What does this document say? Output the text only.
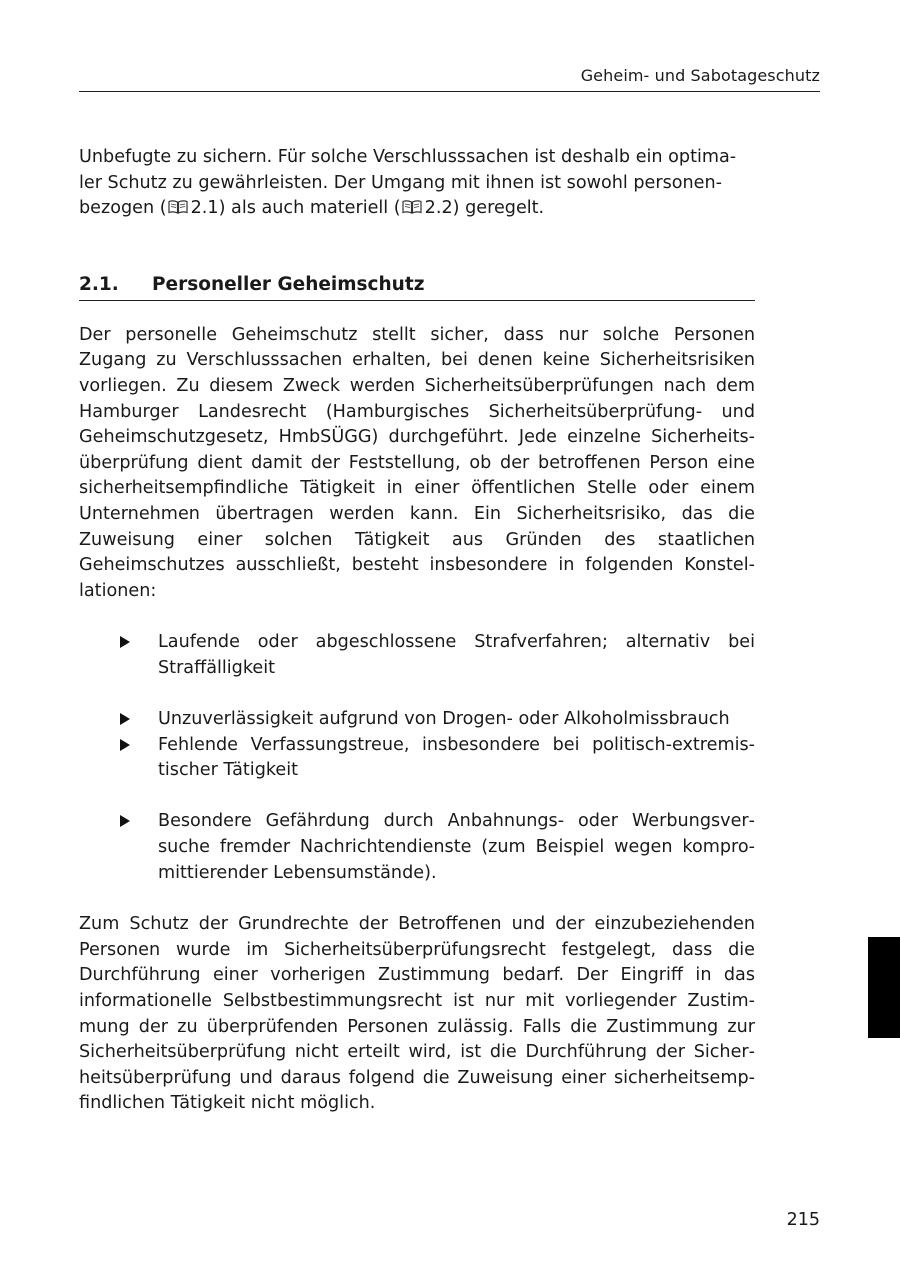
Geheim- und Sabotageschutz

Unbefugte zu sichern. Für solche Verschlusssachen ist deshalb ein optima-
ler Schutz zu gewährleisten. Der Umgang mit ihnen ist sowohl personen-
bezogen ( 2.1) als auch materiell ( 2.2) geregelt.

2.1.	Personeller Geheimschutz

Der personelle Geheimschutz stellt sicher, dass nur solche Personen Zugang zu Verschlusssachen erhalten, bei denen keine Sicherheitsrisiken vorliegen. Zu diesem Zweck werden Sicherheitsüberprüfungen nach dem Hamburger Landesrecht (Hamburgisches Sicherheitsüberprüfung- und Geheimschutzgesetz, HmbSÜGG) durchgeführt. Jede einzelne Sicherheitsüberprüfung dient damit der Feststellung, ob der betroffenen Person eine sicherheitsempfindliche Tätigkeit in einer öffentlichen Stelle oder einem Unternehmen übertragen werden kann. Ein Sicherheitsrisiko, das die Zuweisung einer solchen Tätigkeit aus Gründen des staatlichen Geheimschutzes ausschließt, besteht insbesondere in folgenden Konstellationen:

Laufende oder abgeschlossene Strafverfahren; alternativ bei Straffälligkeit
Unzuverlässigkeit aufgrund von Drogen- oder Alkoholmissbrauch
Fehlende Verfassungstreue, insbesondere bei politisch-extremistischer Tätigkeit
Besondere Gefährdung durch Anbahnungs- oder Werbungsversuche fremder Nachrichtendienste (zum Beispiel wegen kompromittierender Lebensumstände).

Zum Schutz der Grundrechte der Betroffenen und der einzubeziehenden Personen wurde im Sicherheitsüberprüfungsrecht festgelegt, dass die Durchführung einer vorherigen Zustimmung bedarf. Der Eingriff in das informationelle Selbstbestimmungsrecht ist nur mit vorliegender Zustimmung der zu überprüfenden Personen zulässig. Falls die Zustimmung zur Sicherheitsüberprüfung nicht erteilt wird, ist die Durchführung der Sicherheitsüberprüfung und daraus folgend die Zuweisung einer sicherheitsempfindlichen Tätigkeit nicht möglich.

215
